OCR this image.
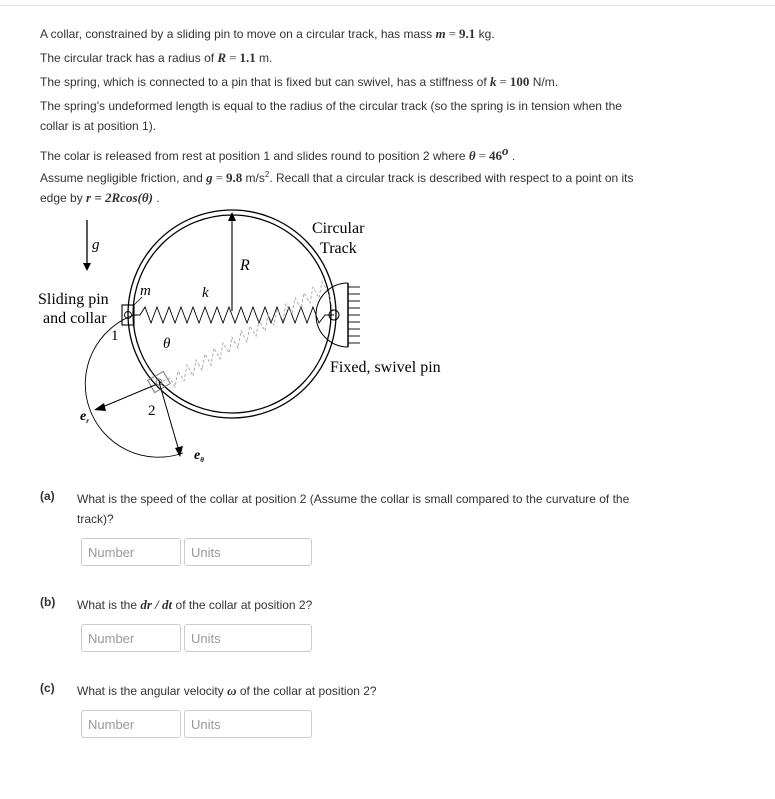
A collar, constrained by a sliding pin to move on a circular track, has mass m = 9.1 kg.
The circular track has a radius of R = 1.1 m.
The spring, which is connected to a pin that is fixed but can swivel, has a stiffness of k = 100 N/m.
The spring's undeformed length is equal to the radius of the circular track (so the spring is in tension when the
collar is at position 1).
The colar is released from rest at position 1 and slides round to position 2 where $\theta = 46^o$ .
Assume negligible friction, and g = 9.8 $m/s^2$. Recall that a circular track is described with respect to a point on its
edge by r = 2Rcos(θ) .
g
R
m	k
θ
Circular
Track
Sliding pin
and collar
1
2
Fixed, swivel pin
$e_r$
$e_\theta$
(a) What is the speed of the collar at position 2 (Assume the collar is small compared to the curvature of the
track)?
Number
Units
(b) What is the dr / dt of the collar at position 2?
Number
Units
(c) What is the angular velocity ω of the collar at position 2?
Number
Units
